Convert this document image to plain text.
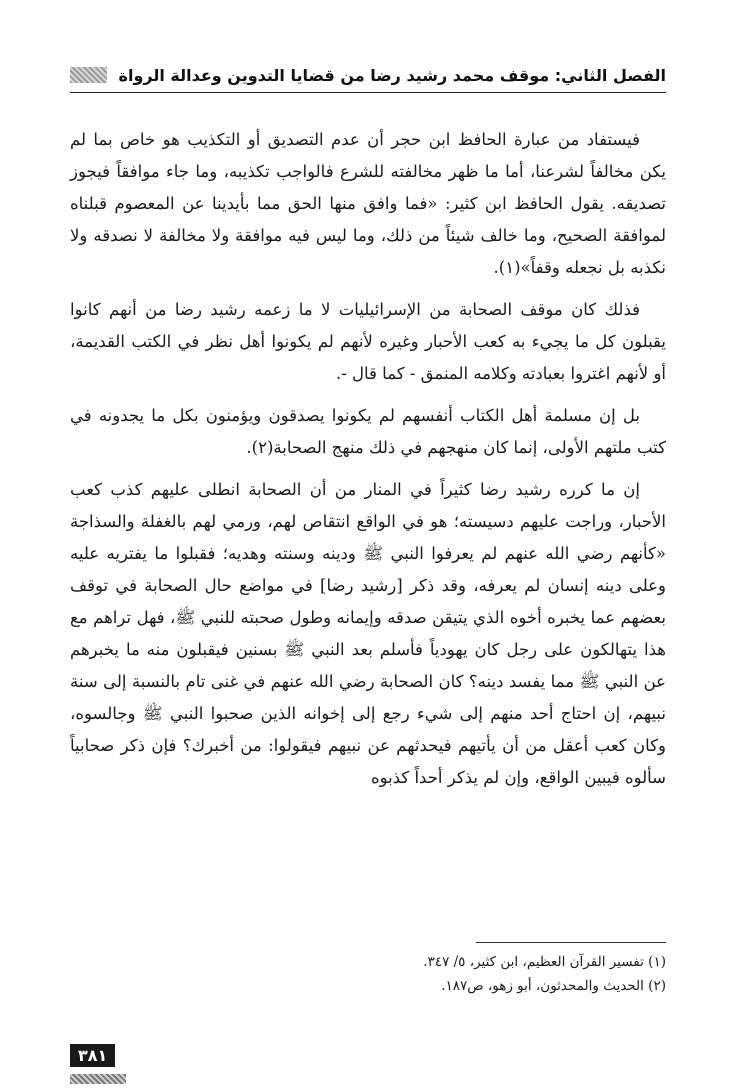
الفصل الثاني: موقف محمد رشيد رضا من قضايا التدوين وعدالة الرواة

فيستفاد من عبارة الحافظ ابن حجر أن عدم التصديق أو التكذيب هو خاص بما لم يكن مخالفاً لشرعنا، أما ما ظهر مخالفته للشرع فالواجب تكذيبه، وما جاء موافقاً فيجوز تصديقه. يقول الحافظ ابن كثير: «فما وافق منها الحق مما بأيدينا عن المعصوم قبلناه لموافقة الصحيح، وما خالف شيئاً من ذلك، وما ليس فيه موافقة ولا مخالفة لا نصدقه ولا نكذبه بل نجعله وقفاً»(١).

فذلك كان موقف الصحابة من الإسرائيليات لا ما زعمه رشيد رضا من أنهم كانوا يقبلون كل ما يجيء به كعب الأحبار وغيره لأنهم لم يكونوا أهل نظر في الكتب القديمة، أو لأنهم اغتروا بعبادته وكلامه المنمق - كما قال -.

بل إن مسلمة أهل الكتاب أنفسهم لم يكونوا يصدقون ويؤمنون بكل ما يجدونه في كتب ملتهم الأولى، إنما كان منهجهم في ذلك منهج الصحابة(٢).

إن ما كرره رشيد رضا كثيراً في المنار من أن الصحابة انطلى عليهم كذب كعب الأحبار، وراجت عليهم دسيسته؛ هو في الواقع انتقاص لهم، ورمي لهم بالغفلة والسذاجة «كأنهم رضي الله عنهم لم يعرفوا النبي ﷺ ودينه وسنته وهديه؛ فقبلوا ما يفتريه عليه وعلى دينه إنسان لم يعرفه، وقد ذكر [رشيد رضا] في مواضع حال الصحابة في توقف بعضهم عما يخبره أخوه الذي يتيقن صدقه وإيمانه وطول صحبته للنبي ﷺ، فهل تراهم مع هذا يتهالكون على رجل كان يهودياً فأسلم بعد النبي ﷺ بسنين فيقبلون منه ما يخبرهم عن النبي ﷺ مما يفسد دينه؟ كان الصحابة رضي الله عنهم في غنى تام بالنسبة إلى سنة نبيهم، إن احتاج أحد منهم إلى شيء رجع إلى إخوانه الذين صحبوا النبي ﷺ وجالسوه، وكان كعب أعقل من أن يأتيهم فيحدثهم عن نبيهم فيقولوا: من أخبرك؟ فإن ذكر صحابياً سألوه فيبين الواقع، وإن لم يذكر أحداً كذبوه

(١) تفسير القرآن العظيم، ابن كثير، ٥/ ٣٤٧.

(٢) الحديث والمحدثون، أبو زهو، ص١٨٧.

٣٨١
